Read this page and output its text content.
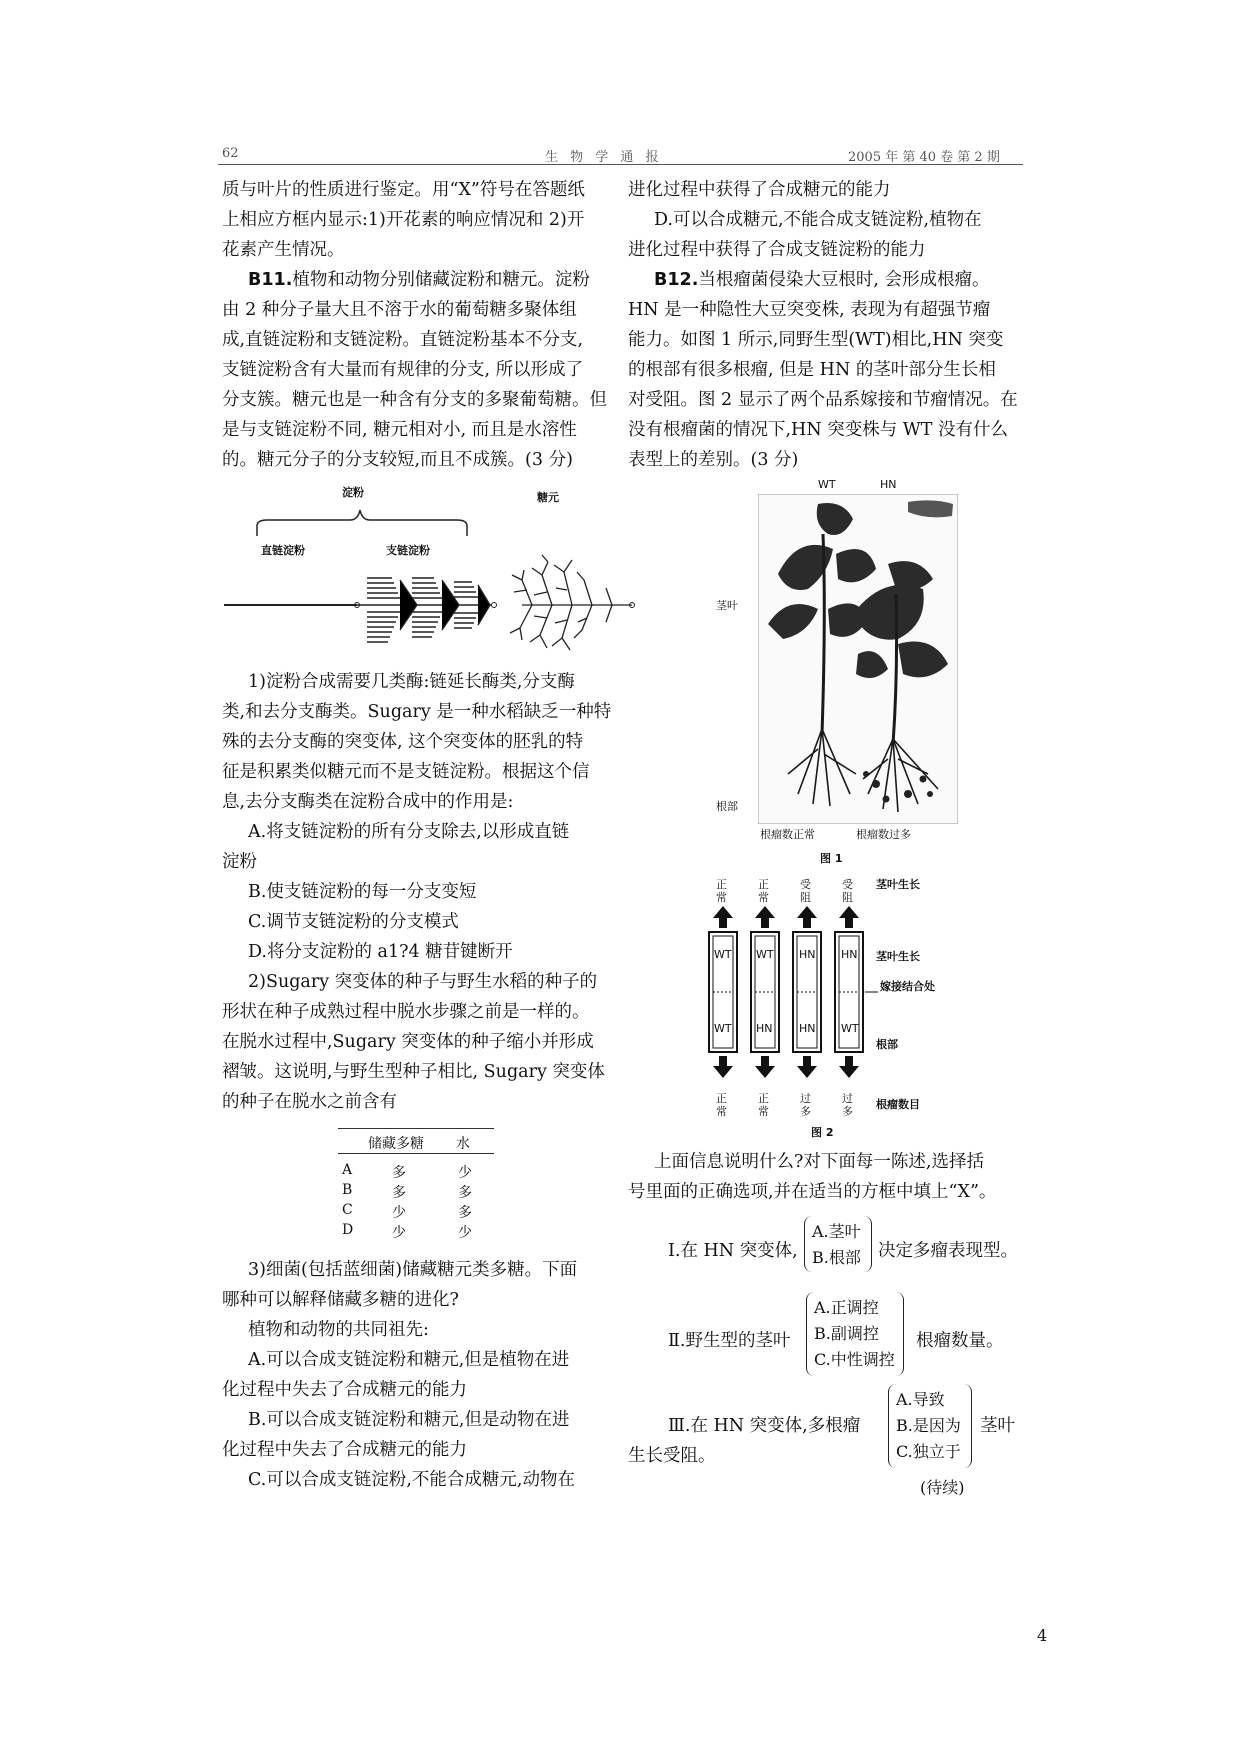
62	生 物 学 通 报	2005 年 第 40 卷 第 2 期
质与叶片的性质进行鉴定。用“X”符号在答题纸
上相应方框内显示:1)开花素的响应情况和 2)开
花素产生情况。
B11.植物和动物分别储藏淀粉和糖元。淀粉
由 2 种分子量大且不溶于水的葡萄糖多聚体组
成,直链淀粉和支链淀粉。直链淀粉基本不分支,
支链淀粉含有大量而有规律的分支, 所以形成了
分支簇。糖元也是一种含有分支的多聚葡萄糖。但
是与支链淀粉不同, 糖元相对小, 而且是水溶性
的。糖元分子的分支较短,而且不成簇。(3 分)
淀粉	糖元
直链淀粉	支链淀粉
1)淀粉合成需要几类酶:链延长酶类,分支酶
类,和去分支酶类。Sugary 是一种水稻缺乏一种特
殊的去分支酶的突变体, 这个突变体的胚乳的特
征是积累类似糖元而不是支链淀粉。根据这个信
息,去分支酶类在淀粉合成中的作用是:
A.将支链淀粉的所有分支除去,以形成直链
淀粉
B.使支链淀粉的每一分支变短
C.调节支链淀粉的分支模式
D.将分支淀粉的 a1?4 糖苷键断开
2)Sugary 突变体的种子与野生水稻的种子的
形状在种子成熟过程中脱水步骤之前是一样的。
在脱水过程中,Sugary 突变体的种子缩小并形成
褶皱。这说明,与野生型种子相比, Sugary 突变体
的种子在脱水之前含有
储藏多糖 水
A	多	少
B	多	多
C	少	多
D	少	少
3)细菌(包括蓝细菌)储藏糖元类多糖。下面
哪种可以解释储藏多糖的进化?
植物和动物的共同祖先:
A.可以合成支链淀粉和糖元,但是植物在进
化过程中失去了合成糖元的能力
B.可以合成支链淀粉和糖元,但是动物在进
化过程中失去了合成糖元的能力
C.可以合成支链淀粉,不能合成糖元,动物在
进化过程中获得了合成糖元的能力
D.可以合成糖元,不能合成支链淀粉,植物在
进化过程中获得了合成支链淀粉的能力
B12.当根瘤菌侵染大豆根时, 会形成根瘤。
HN 是一种隐性大豆突变株, 表现为有超强节瘤
能力。如图 1 所示,同野生型(WT)相比,HN 突变
的根部有很多根瘤, 但是 HN 的茎叶部分生长相
对受阻。图 2 显示了两个品系嫁接和节瘤情况。在
没有根瘤菌的情况下,HN 突变株与 WT 没有什么
表型上的差别。(3 分)
WT	HN
茎叶
根部
根瘤数正常	根瘤数过多
图 1
正常
正常
受阻
受阻
茎叶生长
WT WT HN HN
WT HN HN WT
茎叶生长
嫁接结合处
根部
正常
正常
过多
过多
根瘤数目
图 2
上面信息说明什么?对下面每一陈述,选择括
号里面的正确选项,并在适当的方框中填上“X”。
Ⅰ.在 HN 突变体,
A.茎叶
B.根部 决定多瘤表现型。
Ⅱ.野生型的茎叶
A.正调控
B.副调控
C.中性调控
根瘤数量。
Ⅲ.在 HN 突变体,多根瘤
生长受阻。
A.导致
B.是因为
C.独立于
茎叶
(待续)
4
